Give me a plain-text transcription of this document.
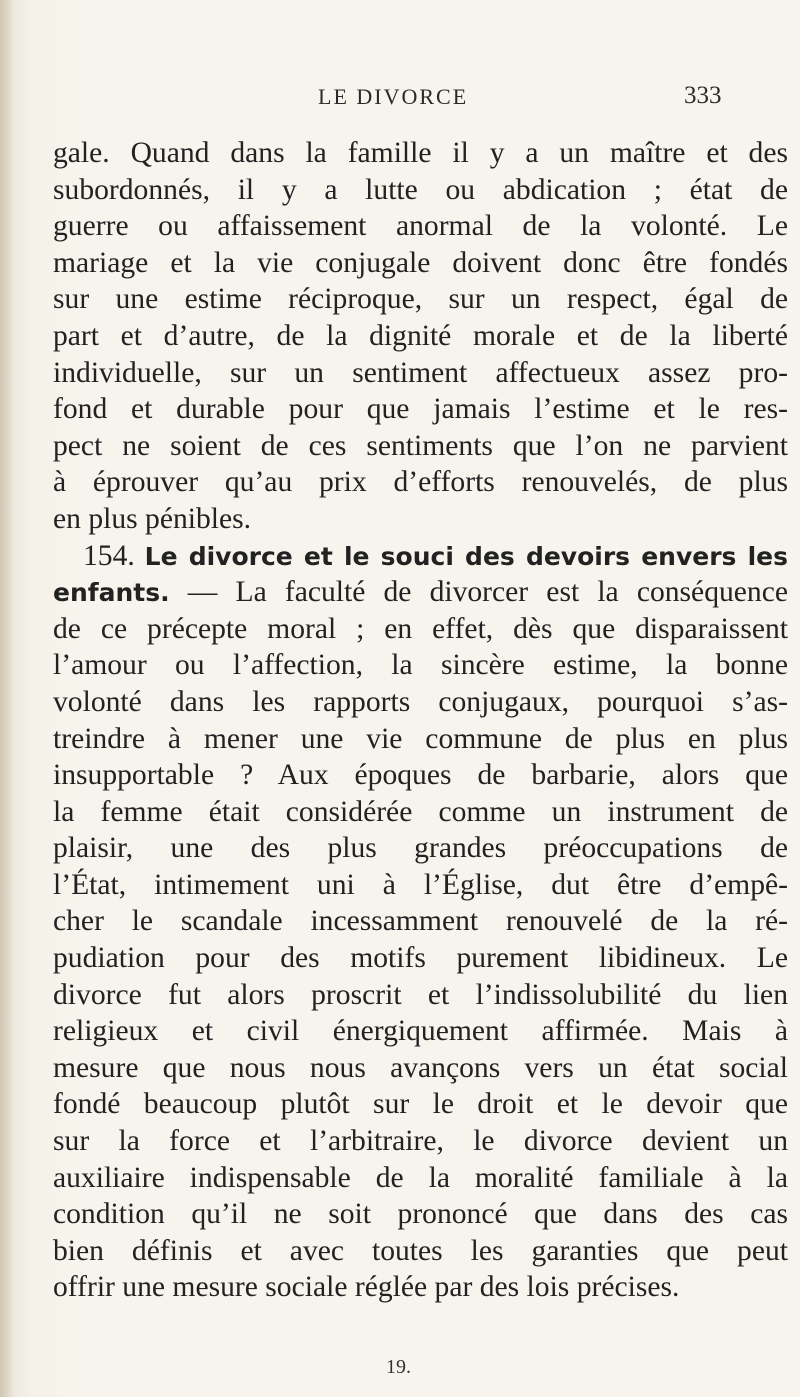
LE DIVORCE	333
gale. Quand dans la famille il y a un maître et des
subordonnés, il y a lutte ou abdication ; état de
guerre ou affaissement anormal de la volonté. Le
mariage et la vie conjugale doivent donc être fondés
sur une estime réciproque, sur un respect, égal de
part et d’autre, de la dignité morale et de la liberté
individuelle, sur un sentiment affectueux assez pro-
fond et durable pour que jamais l’estime et le res-
pect ne soient de ces sentiments que l’on ne parvient
à éprouver qu’au prix d’efforts renouvelés, de plus
en plus pénibles.
154. Le divorce et le souci des devoirs envers les
enfants. — La faculté de divorcer est la conséquence
de ce précepte moral ; en effet, dès que disparaissent
l’amour ou l’affection, la sincère estime, la bonne
volonté dans les rapports conjugaux, pourquoi s’as-
treindre à mener une vie commune de plus en plus
insupportable ? Aux époques de barbarie, alors que
la femme était considérée comme un instrument de
plaisir, une des plus grandes préoccupations de
l’État, intimement uni à l’Église, dut être d’empê-
cher le scandale incessamment renouvelé de la ré-
pudiation pour des motifs purement libidineux. Le
divorce fut alors proscrit et l’indissolubilité du lien
religieux et civil énergiquement affirmée. Mais à
mesure que nous nous avançons vers un état social
fondé beaucoup plutôt sur le droit et le devoir que
sur la force et l’arbitraire, le divorce devient un
auxiliaire indispensable de la moralité familiale à la
condition qu’il ne soit prononcé que dans des cas
bien définis et avec toutes les garanties que peut
offrir une mesure sociale réglée par des lois précises.
19.
